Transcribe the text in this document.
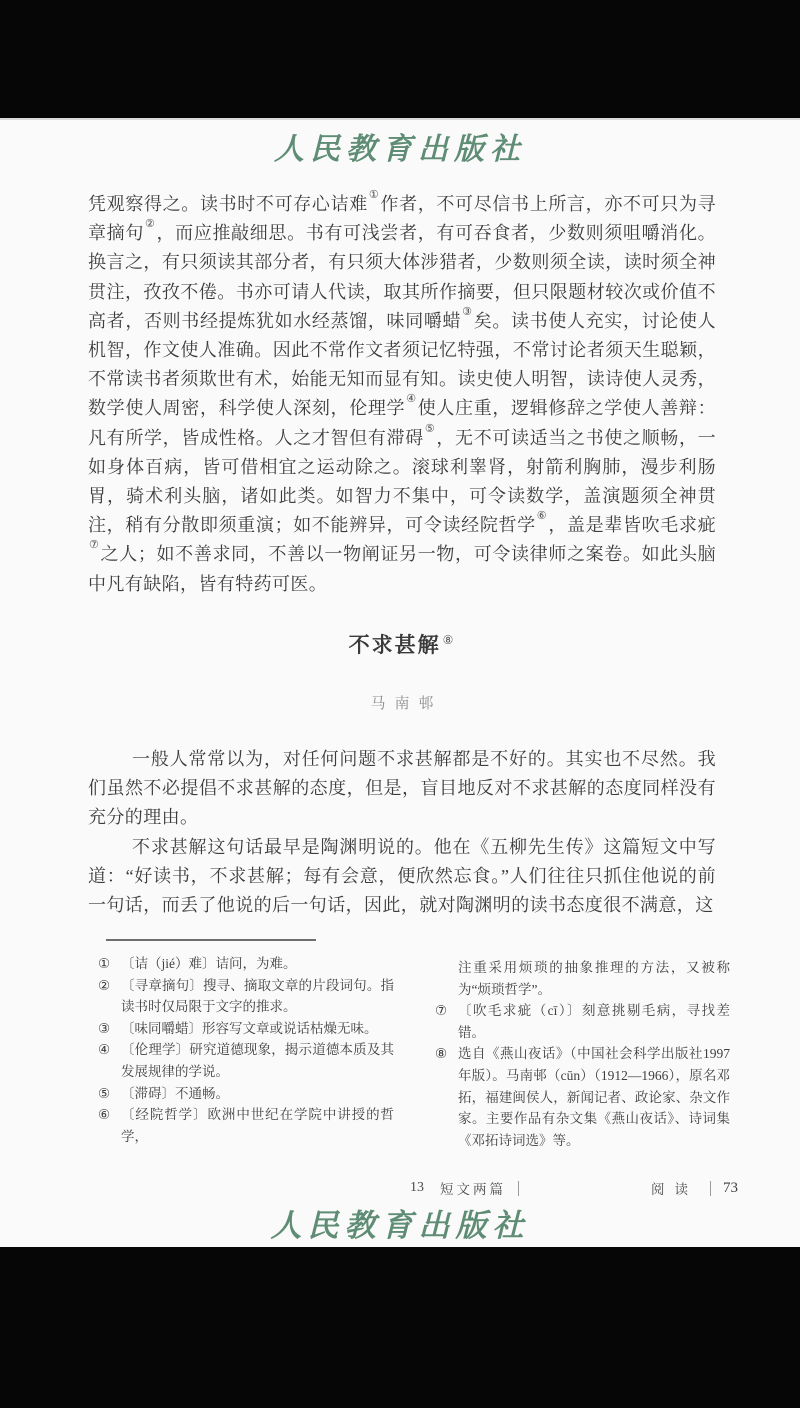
人民教育出版社
凭观察得之。读书时不可存心诘难①作者，不可尽信书上所言，亦不可只为寻章摘句②，而应推敲细思。书有可浅尝者，有可吞食者，少数则须咀嚼消化。换言之，有只须读其部分者，有只须大体涉猎者，少数则须全读，读时须全神贯注，孜孜不倦。书亦可请人代读，取其所作摘要，但只限题材较次或价值不高者，否则书经提炼犹如水经蒸馏，味同嚼蜡③矣。读书使人充实，讨论使人机智，作文使人准确。因此不常作文者须记忆特强，不常讨论者须天生聪颖，不常读书者须欺世有术，始能无知而显有知。读史使人明智，读诗使人灵秀，数学使人周密，科学使人深刻，伦理学④使人庄重，逻辑修辞之学使人善辩：凡有所学，皆成性格。人之才智但有滞碍⑤，无不可读适当之书使之顺畅，一如身体百病，皆可借相宜之运动除之。滚球利睾肾，射箭利胸肺，漫步利肠胃，骑术利头脑，诸如此类。如智力不集中，可令读数学，盖演题须全神贯注，稍有分散即须重演；如不能辨异，可令读经院哲学⑥，盖是辈皆吹毛求疵⑦之人；如不善求同，不善以一物阐证另一物，可令读律师之案卷。如此头脑中凡有缺陷，皆有特药可医。
不求甚解 ⑧
马南邨

一般人常常以为，对任何问题不求甚解都是不好的。其实也不尽然。我们虽然不必提倡不求甚解的态度，但是，盲目地反对不求甚解的态度同样没有充分的理由。

不求甚解这句话最早是陶渊明说的。他在《五柳先生传》这篇短文中写道：“好读书，不求甚解；每有会意，便欣然忘食。”人们往往只抓住他说的前一句话，而丢了他说的后一句话，因此，就对陶渊明的读书态度很不满意，这

① 〔诘（jié）难〕诘问，为难。
② 〔寻章摘句〕搜寻、摘取文章的片段词句。指读书时仅局限于文字的推求。
③ 〔味同嚼蜡〕形容写文章或说话枯燥无味。
④ 〔伦理学〕研究道德现象，揭示道德本质及其发展规律的学说。
⑤ 〔滞碍〕不通畅。
⑥ 〔经院哲学〕欧洲中世纪在学院中讲授的哲学，
注重采用烦琐的抽象推理的方法，又被称为“烦琐哲学”。
⑦ 〔吹毛求疵（cī）〕刻意挑剔毛病，寻找差错。
⑧ 选自《燕山夜话》（中国社会科学出版社1997年版）。马南邨（cūn）（1912—1966），原名邓拓，福建闽侯人，新闻记者、政论家、杂文作家。主要作品有杂文集《燕山夜话》、诗词集《邓拓诗词选》等。
13 短文两篇	阅读 73
人民教育出版社
